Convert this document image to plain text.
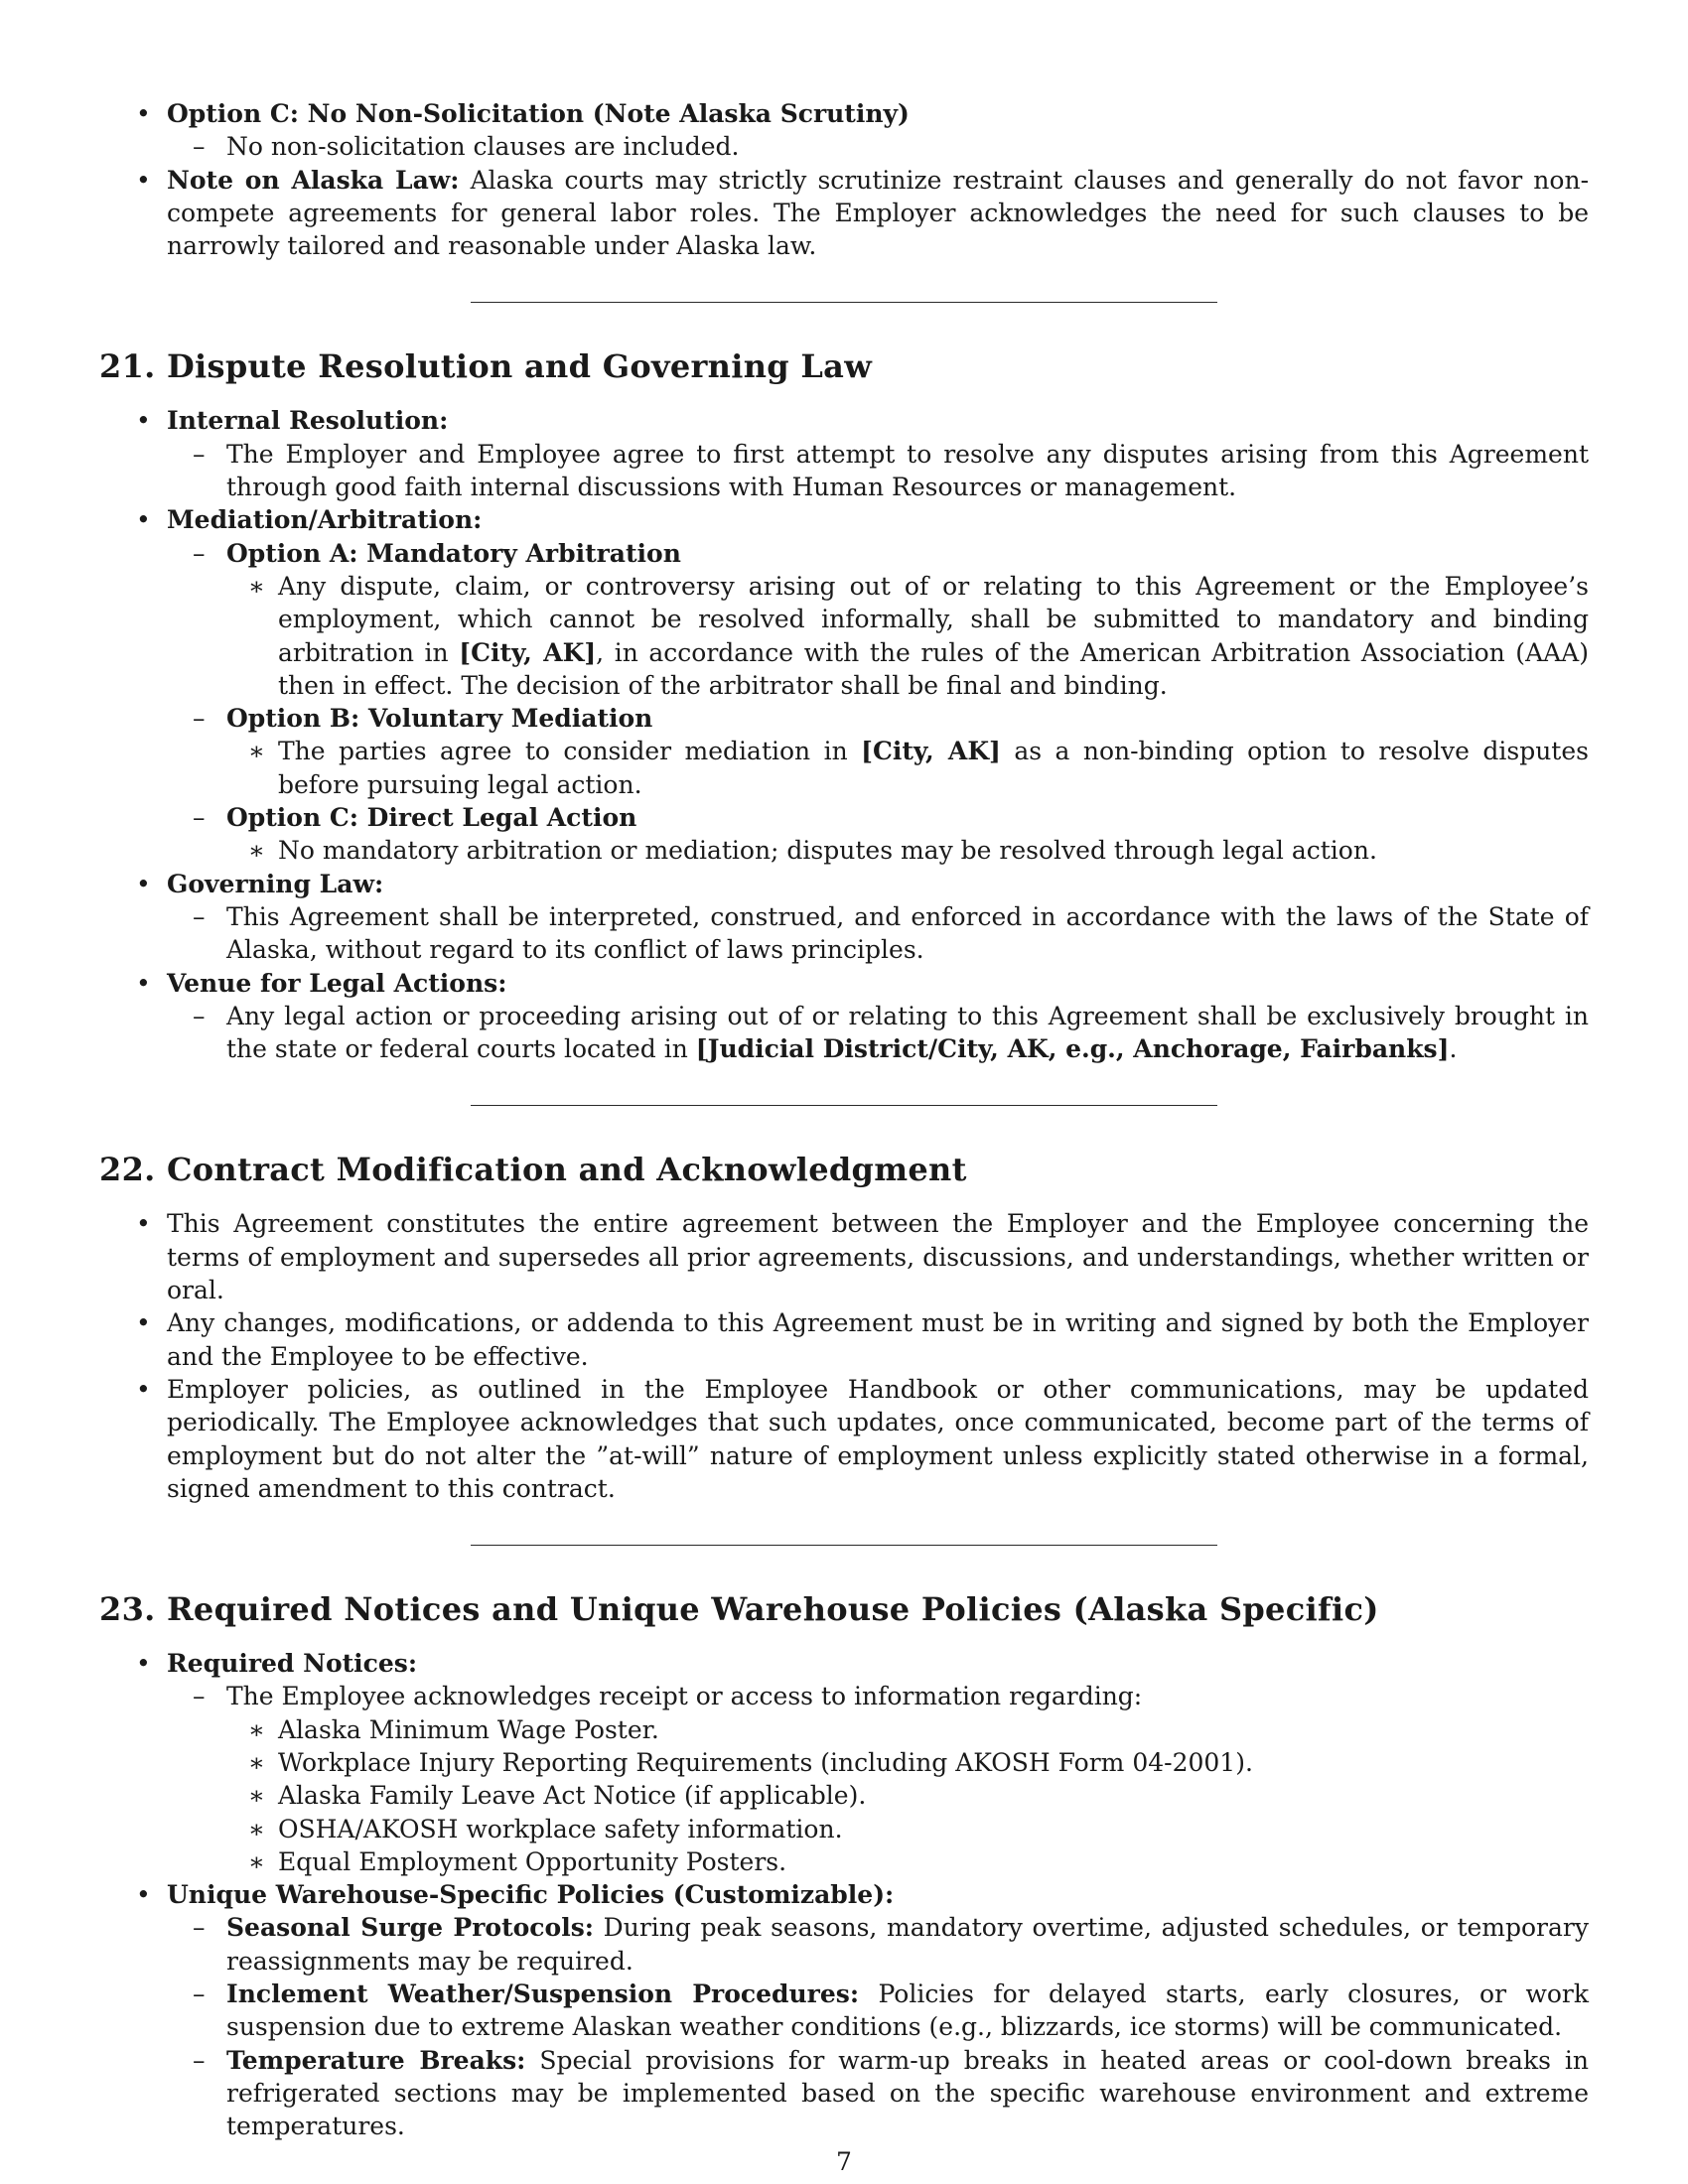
• Option C: No Non-Solicitation (Note Alaska Scrutiny)
– No non-solicitation clauses are included.
• Note on Alaska Law: Alaska courts may strictly scrutinize restraint clauses and generally do not favor non-compete agreements for general labor roles. The Employer acknowledges the need for such clauses to be narrowly tailored and reasonable under Alaska law.
21. Dispute Resolution and Governing Law
• Internal Resolution:
– The Employer and Employee agree to first attempt to resolve any disputes arising from this Agreement through good faith internal discussions with Human Resources or management.
• Mediation/Arbitration:
– Option A: Mandatory Arbitration
∗ Any dispute, claim, or controversy arising out of or relating to this Agreement or the Employee’s employment, which cannot be resolved informally, shall be submitted to mandatory and binding arbitration in [City, AK], in accordance with the rules of the American Arbitration Association (AAA) then in effect. The decision of the arbitrator shall be final and binding.
– Option B: Voluntary Mediation
∗ The parties agree to consider mediation in [City, AK] as a non-binding option to resolve disputes before pursuing legal action.
– Option C: Direct Legal Action
∗ No mandatory arbitration or mediation; disputes may be resolved through legal action.
• Governing Law:
– This Agreement shall be interpreted, construed, and enforced in accordance with the laws of the State of Alaska, without regard to its conflict of laws principles.
• Venue for Legal Actions:
– Any legal action or proceeding arising out of or relating to this Agreement shall be exclusively brought in the state or federal courts located in [Judicial District/City, AK, e.g., Anchorage, Fairbanks].
22. Contract Modification and Acknowledgment
• This Agreement constitutes the entire agreement between the Employer and the Employee concerning the terms of employment and supersedes all prior agreements, discussions, and understandings, whether written or oral.
• Any changes, modifications, or addenda to this Agreement must be in writing and signed by both the Employer and the Employee to be effective.
• Employer policies, as outlined in the Employee Handbook or other communications, may be updated periodically. The Employee acknowledges that such updates, once communicated, become part of the terms of employment but do not alter the ”at-will” nature of employment unless explicitly stated otherwise in a formal, signed amendment to this contract.
23. Required Notices and Unique Warehouse Policies (Alaska Specific)
• Required Notices:
– The Employee acknowledges receipt or access to information regarding:
∗ Alaska Minimum Wage Poster.
∗ Workplace Injury Reporting Requirements (including AKOSH Form 04-2001).
∗ Alaska Family Leave Act Notice (if applicable).
∗ OSHA/AKOSH workplace safety information.
∗ Equal Employment Opportunity Posters.
• Unique Warehouse-Specific Policies (Customizable):
– Seasonal Surge Protocols: During peak seasons, mandatory overtime, adjusted schedules, or temporary reassignments may be required.
– Inclement Weather/Suspension Procedures: Policies for delayed starts, early closures, or work suspension due to extreme Alaskan weather conditions (e.g., blizzards, ice storms) will be communicated.
– Temperature Breaks: Special provisions for warm-up breaks in heated areas or cool-down breaks in refrigerated sections may be implemented based on the specific warehouse environment and extreme temperatures.
7
